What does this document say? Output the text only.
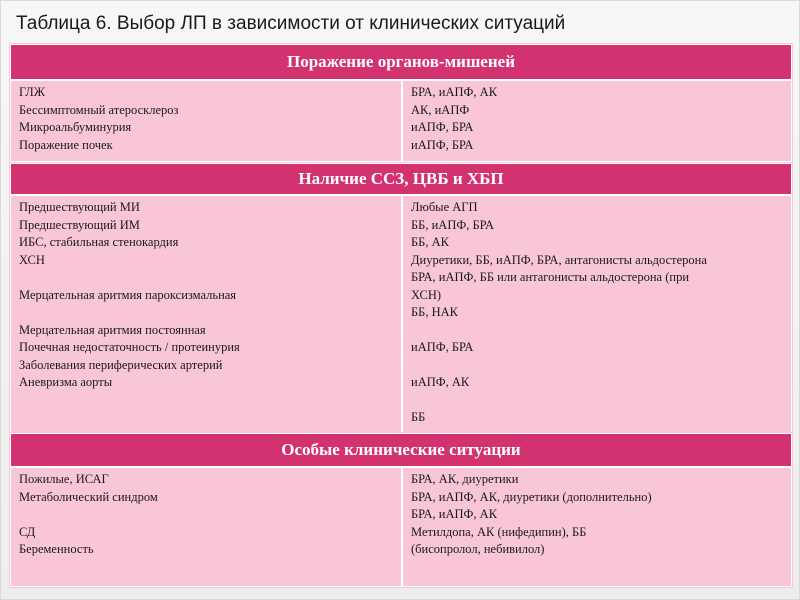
Таблица 6. Выбор ЛП в зависимости от клинических ситуаций
Поражение органов-мишеней
ГЛЖ
Бессимптомный атеросклероз
Микроальбуминурия
Поражение почек
БРА, иАПФ, АК
АК, иАПФ
иАПФ, БРА
иАПФ, БРА
Наличие ССЗ, ЦВБ и ХБП
Предшествующий МИ
Предшествующий ИМ
ИБС, стабильная стенокардия
ХСН
Мерцательная аритмия пароксизмальная
Мерцательная аритмия постоянная
Почечная недостаточность / протеинурия
Заболевания периферических артерий
Аневризма аорты
Любые АГП
ББ, иАПФ, БРА
ББ, АК
Диуретики, ББ, иАПФ, БРА, антагонисты альдостерона
БРА, иАПФ, ББ или антагонисты альдостерона (при
ХСН)
ББ, НАК
иАПФ, БРА
иАПФ, АК
ББ
Особые клинические ситуации
Пожилые, ИСАГ
Метаболический синдром
СД
Беременность
БРА, АК, диуретики
БРА, иАПФ, АК, диуретики (дополнительно)
БРА, иАПФ, АК
Метилдопа, АК (нифедипин), ББ
(бисопролол, небивилол)
